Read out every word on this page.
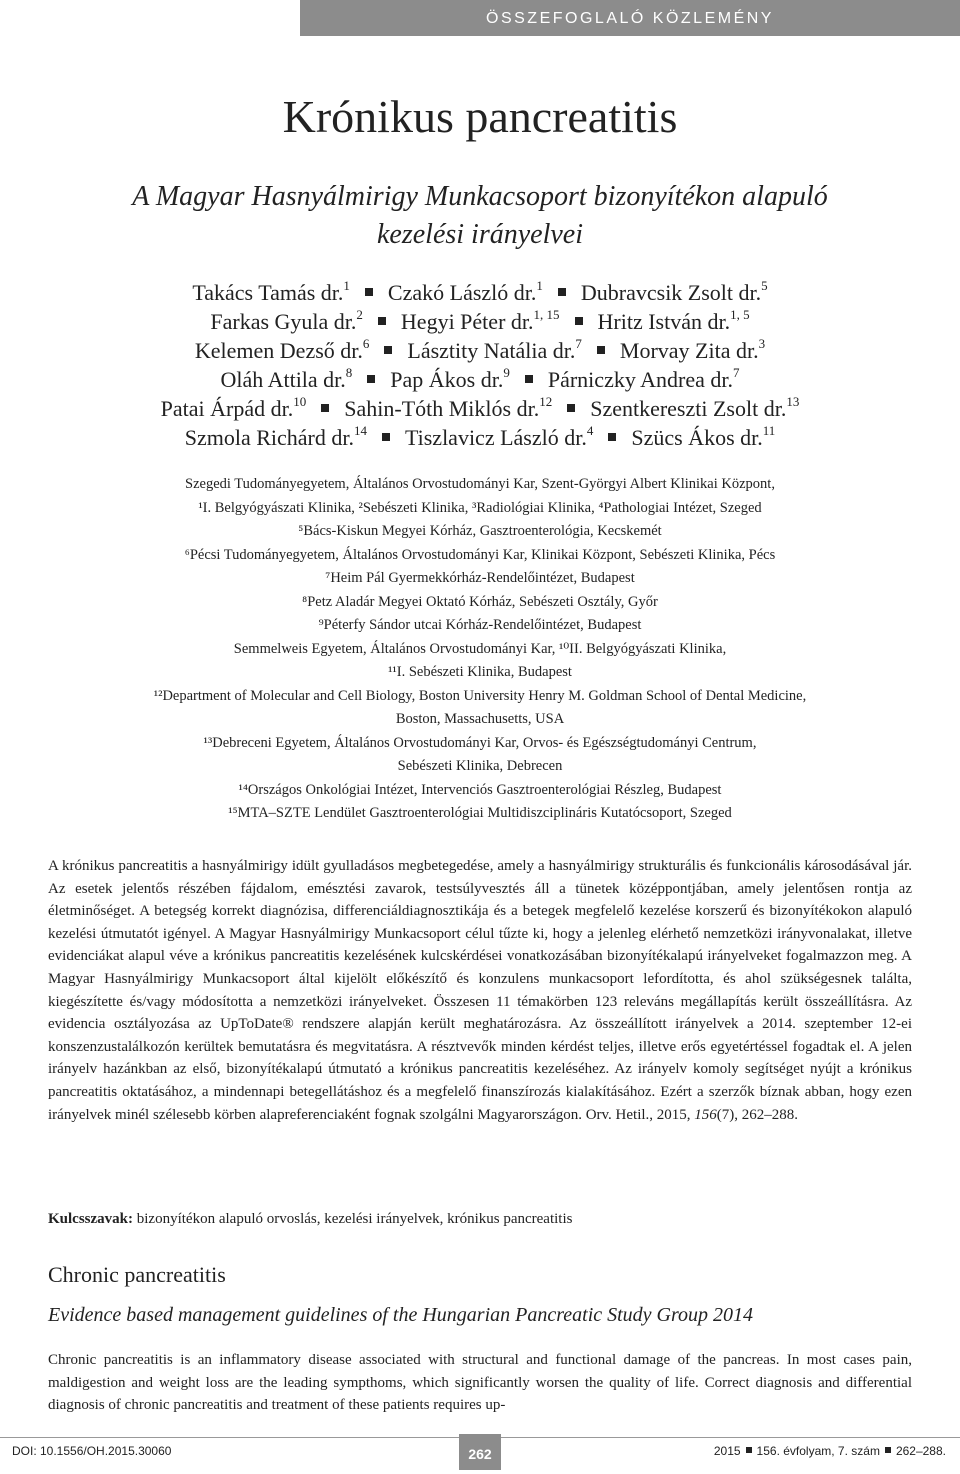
ÖSSZEFOGLALÓ KÖZLEMÉNY
Krónikus pancreatitis
A Magyar Hasnyálmirigy Munkacsoport bizonyítékon alapuló
kezelési irányelvei
Takács Tamás dr.$^1$ Czakó László dr.$^1$ Dubravcsik Zsolt dr.$^5$
Farkas Gyula dr.$^2$ Hegyi Péter dr.$^{1, 15}$ Hritz István dr.$^{1, 5}$
Kelemen Dezső dr.$^6$ Lásztity Natália dr.$^7$ Morvay Zita dr.$^3$
Oláh Attila dr.$^8$ Pap Ákos dr.$^9$ Párniczky Andrea dr.$^7$
Patai Árpád dr.$^{10}$ Sahin-Tóth Miklós dr.$^{12}$ Szentkereszti Zsolt dr.$^{13}$
Szmola Richárd dr.$^{14}$ Tiszlavicz László dr.$^4$ Szücs Ákos dr.$^{11}$
Szegedi Tudományegyetem, Általános Orvostudományi Kar, Szent-Györgyi Albert Klinikai Központ,
¹I. Belgyógyászati Klinika, ²Sebészeti Klinika, ³Radiológiai Klinika, ⁴Pathologiai Intézet, Szeged
⁵Bács-Kiskun Megyei Kórház, Gasztroenterológia, Kecskemét
⁶Pécsi Tudományegyetem, Általános Orvostudományi Kar, Klinikai Központ, Sebészeti Klinika, Pécs
⁷Heim Pál Gyermekkórház-Rendelőintézet, Budapest
⁸Petz Aladár Megyei Oktató Kórház, Sebészeti Osztály, Győr
⁹Péterfy Sándor utcai Kórház-Rendelőintézet, Budapest
Semmelweis Egyetem, Általános Orvostudományi Kar, ¹⁰II. Belgyógyászati Klinika,
¹¹I. Sebészeti Klinika, Budapest
¹²Department of Molecular and Cell Biology, Boston University Henry M. Goldman School of Dental Medicine,
Boston, Massachusetts, USA
¹³Debreceni Egyetem, Általános Orvostudományi Kar, Orvos- és Egészségtudományi Centrum,
Sebészeti Klinika, Debrecen
¹⁴Országos Onkológiai Intézet, Intervenciós Gasztroenterológiai Részleg, Budapest
¹⁵MTA–SZTE Lendület Gasztroenterológiai Multidiszciplináris Kutatócsoport, Szeged

A krónikus pancreatitis a hasnyálmirigy idült gyulladásos megbetegedése, amely a hasnyálmirigy strukturális és funkcionális károsodásával jár. Az esetek jelentős részében fájdalom, emésztési zavarok, testsúlyvesztés áll a tünetek középpontjában, amely jelentősen rontja az életminőséget. A betegség korrekt diagnózisa, differenciáldiagnosztikája és a betegek megfelelő kezelése korszerű és bizonyítékokon alapuló kezelési útmutatót igényel. A Magyar Hasnyálmirigy Munkacsoport célul tűzte ki, hogy a jelenleg elérhető nemzetközi irányvonalakat, illetve evidenciákat alapul véve a krónikus pancreatitis kezelésének kulcskérdései vonatkozásában bizonyítékalapú irányelveket fogalmazzon meg. A Magyar Hasnyálmirigy Munkacsoport által kijelölt előkészítő és konzulens munkacsoport lefordította, és ahol szükségesnek találta, kiegészítette és/vagy módosította a nemzetközi irányelveket. Összesen 11 témakörben 123 releváns megállapítás került összeállításra. Az evidencia osztályozása az UpToDate® rendszere alapján került meghatározásra. Az összeállított irányelvek a 2014. szeptember 12-ei konszenzustalálkozón kerültek bemutatásra és megvitatásra. A résztvevők minden kérdést teljes, illetve erős egyetértéssel fogadtak el. A jelen irányelv hazánkban az első, bizonyítékalapú útmutató a krónikus pancreatitis kezeléséhez. Az irányelv komoly segítséget nyújt a krónikus pancreatitis oktatásához, a mindennapi betegellátáshoz és a megfelelő finanszírozás kialakításához. Ezért a szerzők bíznak abban, hogy ezen irányelvek minél szélesebb körben alapreferenciaként fognak szolgálni Magyarországon. Orv. Hetil., 2015, 156(7), 262–288.

Kulcsszavak: bizonyítékon alapuló orvoslás, kezelési irányelvek, krónikus pancreatitis
Chronic pancreatitis
Evidence based management guidelines of the Hungarian Pancreatic Study Group 2014

Chronic pancreatitis is an inflammatory disease associated with structural and functional damage of the pancreas. In most cases pain, maldigestion and weight loss are the leading sympthoms, which significantly worsen the quality of life. Correct diagnosis and differential diagnosis of chronic pancreatitis and treatment of these patients requires up-

DOI: 10.1556/OH.2015.30060	262	2015 156. évfolyam, 7. szám 262–288.
